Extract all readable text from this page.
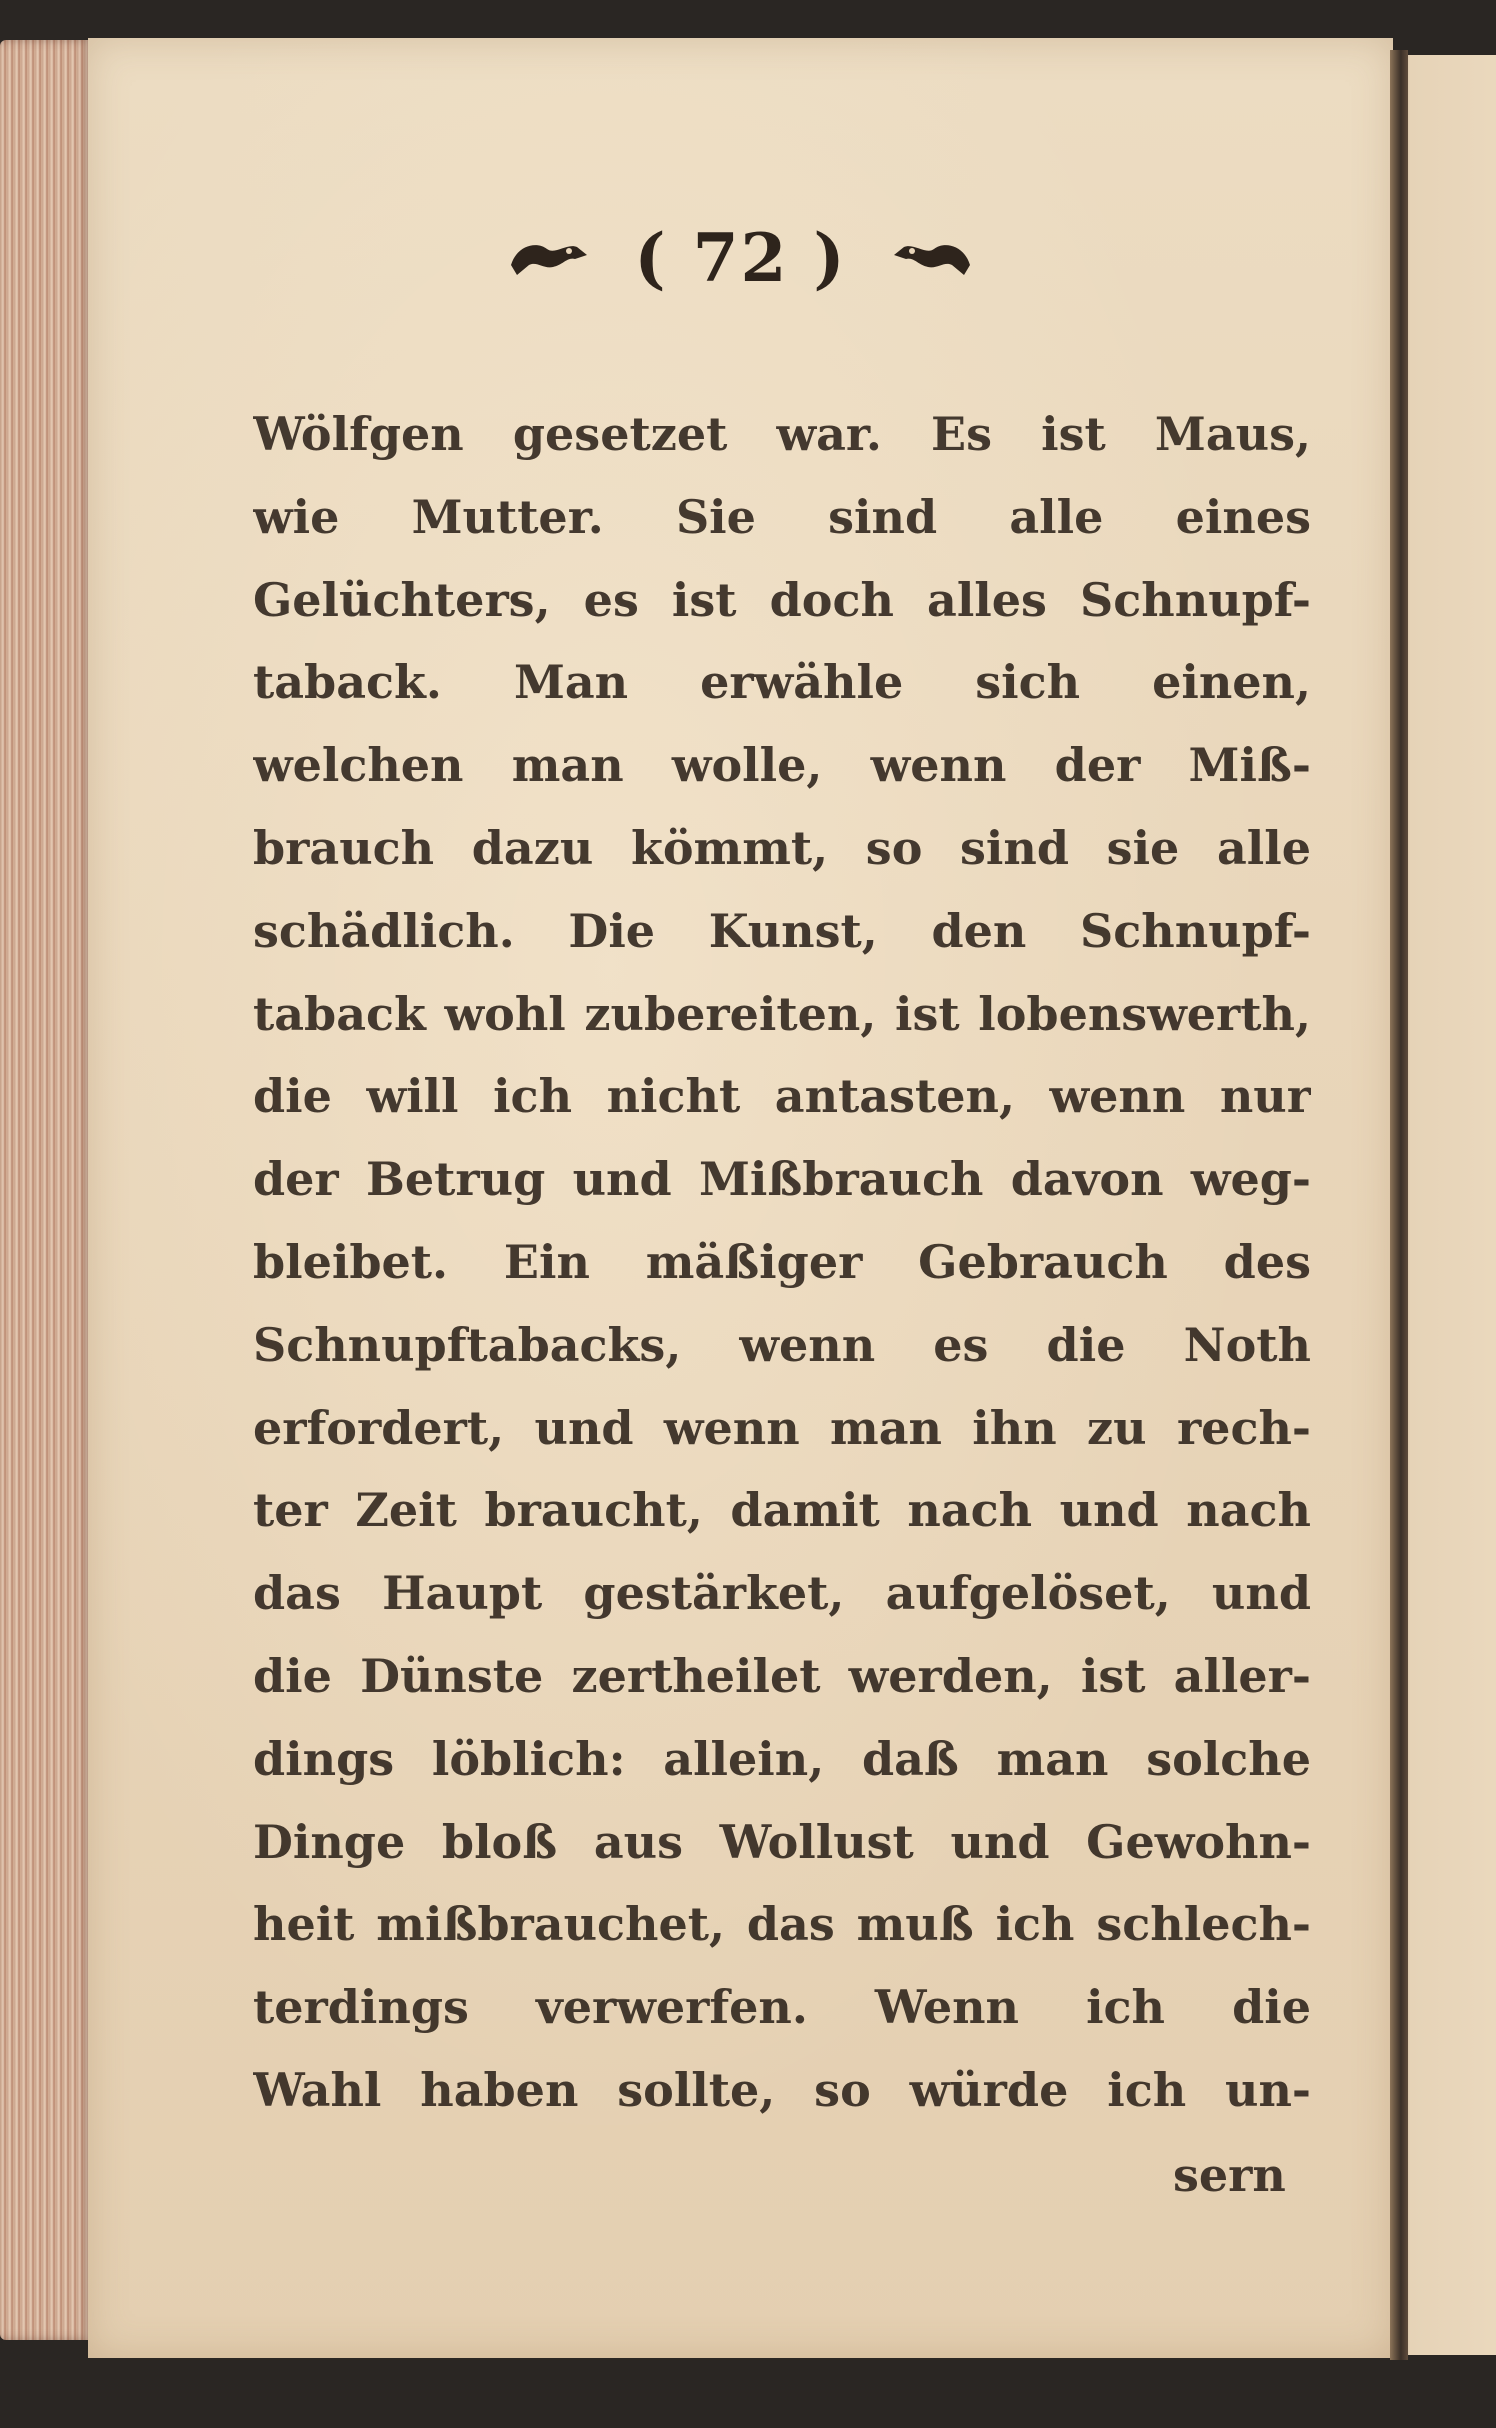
( 72 )
Wölfgen gesetzet war. Es ist Maus,
wie Mutter. Sie sind alle eines
Gelüchters, es ist doch alles Schnupf-
taback. Man erwähle sich einen,
welchen man wolle, wenn der Miß-
brauch dazu kömmt, so sind sie alle
schädlich. Die Kunst, den Schnupf-
taback wohl zubereiten, ist lobenswerth,
die will ich nicht antasten, wenn nur
der Betrug und Mißbrauch davon weg-
bleibet. Ein mäßiger Gebrauch des
Schnupftabacks, wenn es die Noth
erfordert, und wenn man ihn zu rech-
ter Zeit braucht, damit nach und nach
das Haupt gestärket, aufgelöset, und
die Dünste zertheilet werden, ist aller-
dings löblich: allein, daß man solche
Dinge bloß aus Wollust und Gewohn-
heit mißbrauchet, das muß ich schlech-
terdings verwerfen. Wenn ich die
Wahl haben sollte, so würde ich un-
sern
